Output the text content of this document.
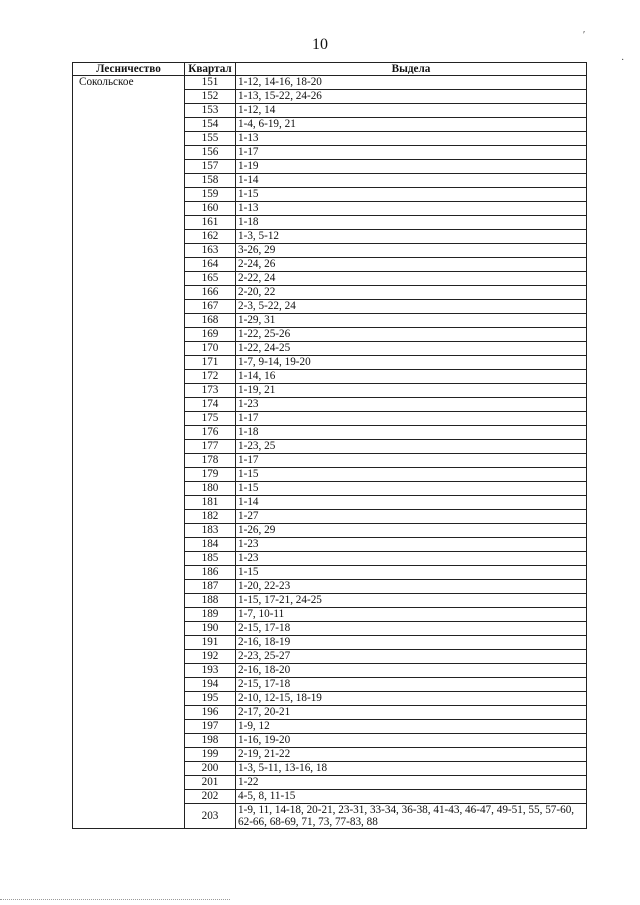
10
′
·
Лесничество	Квартал	Выдела
Сокольское	151	1-12, 14-16, 18-20
	152	1-13, 15-22, 24-26
	153	1-12, 14
	154	1-4, 6-19, 21
	155	1-13
	156	1-17
	157	1-19
	158	1-14
	159	1-15
	160	1-13
	161	1-18
	162	1-3, 5-12
	163	3-26, 29
	164	2-24, 26
	165	2-22, 24
	166	2-20, 22
	167	2-3, 5-22, 24
	168	1-29, 31
	169	1-22, 25-26
	170	1-22, 24-25
	171	1-7, 9-14, 19-20
	172	1-14, 16
	173	1-19, 21
	174	1-23
	175	1-17
	176	1-18
	177	1-23, 25
	178	1-17
	179	1-15
	180	1-15
	181	1-14
	182	1-27
	183	1-26, 29
	184	1-23
	185	1-23
	186	1-15
	187	1-20, 22-23
	188	1-15, 17-21, 24-25
	189	1-7, 10-11
	190	2-15, 17-18
	191	2-16, 18-19
	192	2-23, 25-27
	193	2-16, 18-20
	194	2-15, 17-18
	195	2-10, 12-15, 18-19
	196	2-17, 20-21
	197	1-9, 12
	198	1-16, 19-20
	199	2-19, 21-22
	200	1-3, 5-11, 13-16, 18
	201	1-22
	202	4-5, 8, 11-15
	203	1-9, 11, 14-18, 20-21, 23-31, 33-34, 36-38, 41-43, 46-47, 49-51, 55, 57-60, 62-66, 68-69, 71, 73, 77-83, 88
